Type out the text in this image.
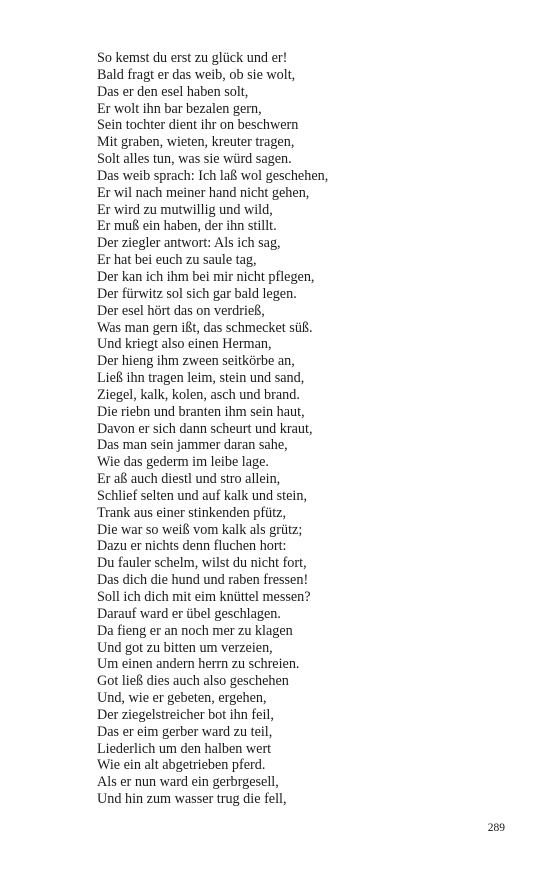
So kemst du erst zu glück und er!
Bald fragt er das weib, ob sie wolt,
Das er den esel haben solt,
Er wolt ihn bar bezalen gern,
Sein tochter dient ihr on beschwern
Mit graben, wieten, kreuter tragen,
Solt alles tun, was sie würd sagen.
Das weib sprach: Ich laß wol geschehen,
Er wil nach meiner hand nicht gehen,
Er wird zu mutwillig und wild,
Er muß ein haben, der ihn stillt.
Der ziegler antwort: Als ich sag,
Er hat bei euch zu saule tag,
Der kan ich ihm bei mir nicht pflegen,
Der fürwitz sol sich gar bald legen.
Der esel hört das on verdrieß,
Was man gern ißt, das schmecket süß.
Und kriegt also einen Herman,
Der hieng ihm zween seitkörbe an,
Ließ ihn tragen leim, stein und sand,
Ziegel, kalk, kolen, asch und brand.
Die riebn und branten ihm sein haut,
Davon er sich dann scheurt und kraut,
Das man sein jammer daran sahe,
Wie das gederm im leibe lage.
Er aß auch diestl und stro allein,
Schlief selten und auf kalk und stein,
Trank aus einer stinkenden pfütz,
Die war so weiß vom kalk als grütz;
Dazu er nichts denn fluchen hort:
Du fauler schelm, wilst du nicht fort,
Das dich die hund und raben fressen!
Soll ich dich mit eim knüttel messen?
Darauf ward er übel geschlagen.
Da fieng er an noch mer zu klagen
Und got zu bitten um verzeien,
Um einen andern herrn zu schreien.
Got ließ dies auch also geschehen
Und, wie er gebeten, ergehen,
Der ziegelstreicher bot ihn feil,
Das er eim gerber ward zu teil,
Liederlich um den halben wert
Wie ein alt abgetrieben pferd.
Als er nun ward ein gerbrgesell,
Und hin zum wasser trug die fell,
289
